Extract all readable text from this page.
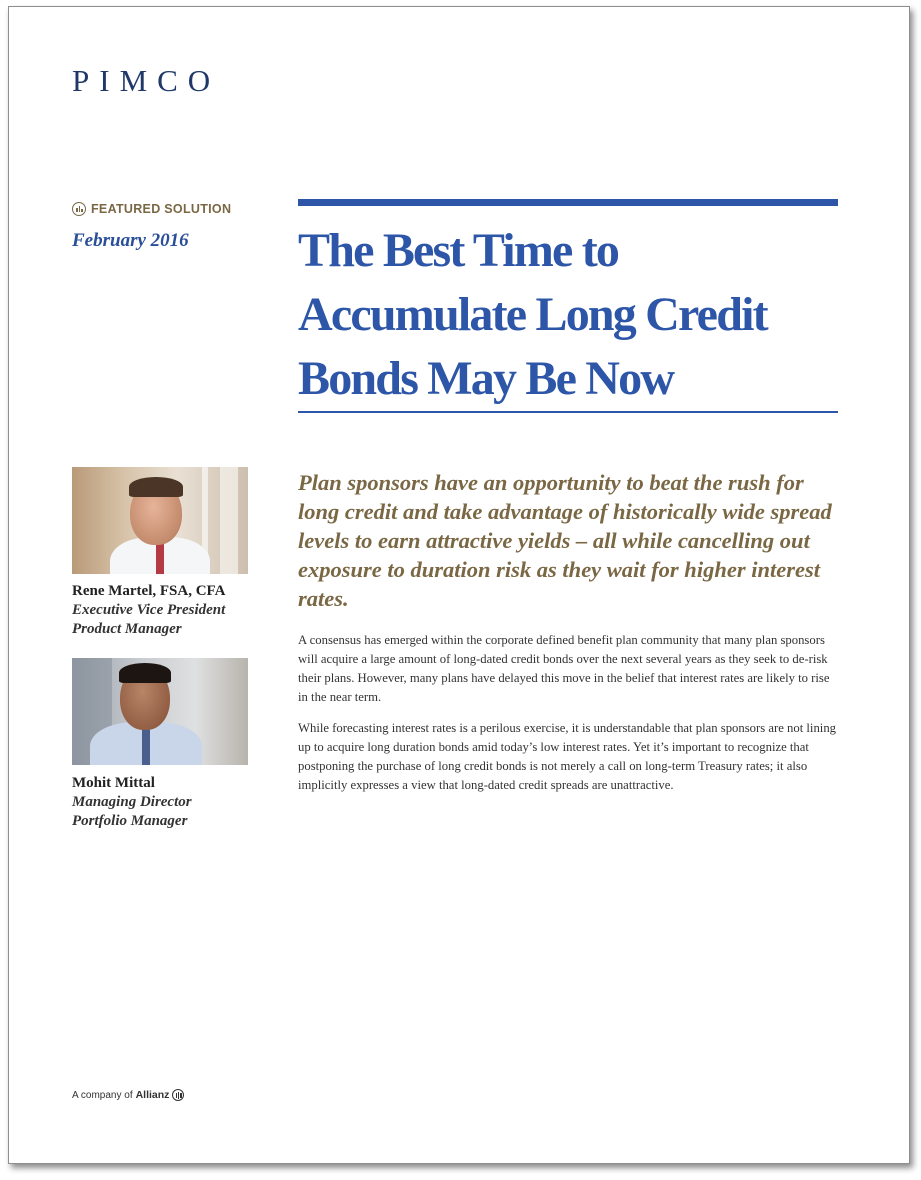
PIMCO
FEATURED SOLUTION
February 2016 The Best Time to
Accumulate Long Credit
Bonds May Be Now
Rene Martel, FSA, CFA
Executive Vice President
Product Manager
Mohit Mittal
Managing Director
Portfolio Manager

Plan sponsors have an opportunity to beat the rush for long credit and take advantage of historically wide spread levels to earn attractive yields – all while cancelling out exposure to duration risk as they wait for higher interest rates.

A consensus has emerged within the corporate defined benefit plan community that many plan sponsors will acquire a large amount of long-dated credit bonds over the next several years as they seek to de-risk their plans. However, many plans have delayed this move in the belief that interest rates are likely to rise in the near term.

While forecasting interest rates is a perilous exercise, it is understandable that plan sponsors are not lining up to acquire long duration bonds amid today’s low interest rates. Yet it’s important to recognize that postponing the purchase of long credit bonds is not merely a call on long-term Treasury rates; it also implicitly expresses a view that long-dated credit spreads are unattractive.

A company of Allianz
